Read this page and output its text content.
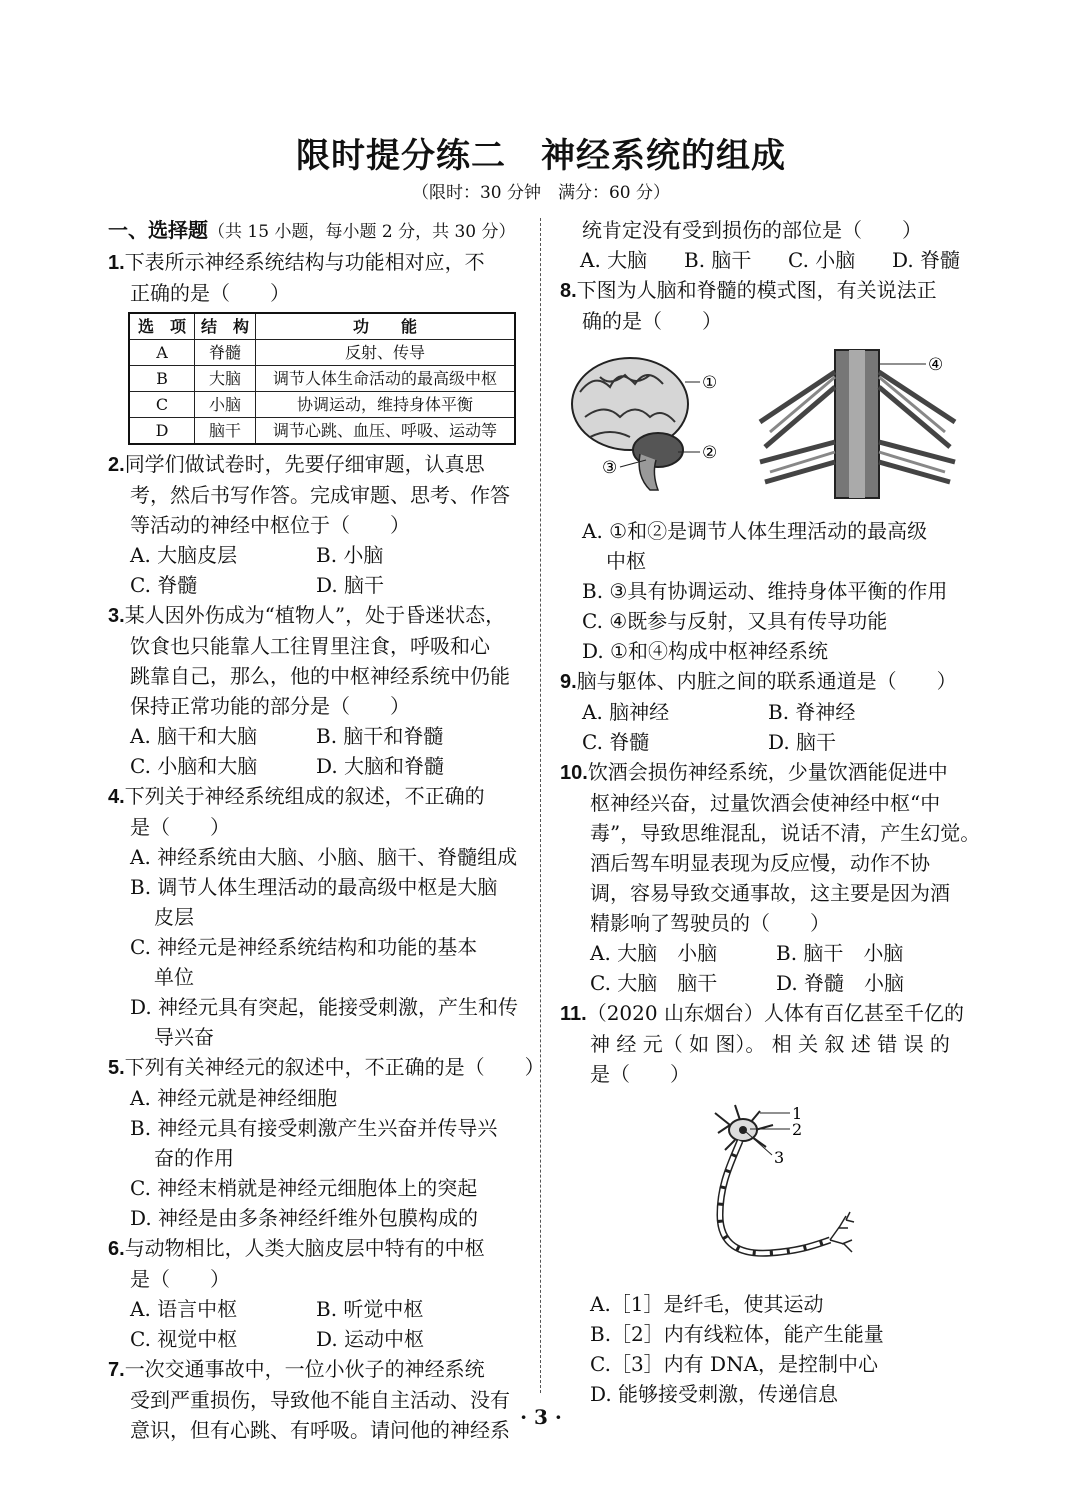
限时提分练二　神经系统的组成
（限时：30 分钟　满分：60 分）
一、选择题（共 15 小题，每小题 2 分，共 30 分）
1.下表所示神经系统结构与功能相对应，不
正确的是（　　）
选　项	结　构	功　　能
A	脊髓	反射、传导
B	大脑	调节人体生命活动的最高级中枢
C	小脑	协调运动，维持身体平衡
D	脑干	调节心跳、血压、呼吸、运动等
2.同学们做试卷时，先要仔细审题，认真思
考，然后书写作答。完成审题、思考、作答
等活动的神经中枢位于（　　）
A. 大脑皮层	B. 小脑
C. 脊髓	D. 脑干
3.某人因外伤成为“植物人”，处于昏迷状态，
饮食也只能靠人工往胃里注食，呼吸和心
跳靠自己，那么，他的中枢神经系统中仍能
保持正常功能的部分是（　　）
A. 脑干和大脑	B. 脑干和脊髓
C. 小脑和大脑	D. 大脑和脊髓
4.下列关于神经系统组成的叙述，不正确的
是（　　）
A. 神经系统由大脑、小脑、脑干、脊髓组成
B. 调节人体生理活动的最高级中枢是大脑
皮层
C. 神经元是神经系统结构和功能的基本
单位
D. 神经元具有突起，能接受刺激，产生和传
导兴奋
5.下列有关神经元的叙述中，不正确的是（　　）
A. 神经元就是神经细胞
B. 神经元具有接受刺激产生兴奋并传导兴
奋的作用
C. 神经末梢就是神经元细胞体上的突起
D. 神经是由多条神经纤维外包膜构成的
6.与动物相比，人类大脑皮层中特有的中枢
是（　　）
A. 语言中枢	B. 听觉中枢
C. 视觉中枢	D. 运动中枢
7.一次交通事故中，一位小伙子的神经系统
受到严重损伤，导致他不能自主活动、没有
意识，但有心跳、有呼吸。请问他的神经系
统肯定没有受到损伤的部位是（　　）
A. 大脑 B. 脑干 C. 小脑 D. 脊髓
8.下图为人脑和脊髓的模式图，有关说法正
确的是（　　）
①
②
③
④
A. ①和②是调节人体生理活动的最高级
中枢
B. ③具有协调运动、维持身体平衡的作用
C. ④既参与反射，又具有传导功能
D. ①和④构成中枢神经系统
9.脑与躯体、内脏之间的联系通道是（　　）
A. 脑神经	B. 脊神经
C. 脊髓	D. 脑干
10.饮酒会损伤神经系统，少量饮酒能促进中
枢神经兴奋，过量饮酒会使神经中枢“中
毒”，导致思维混乱，说话不清，产生幻觉。
酒后驾车明显表现为反应慢，动作不协
调，容易导致交通事故，这主要是因为酒
精影响了驾驶员的（　　）
A. 大脑　小脑	B. 脑干　小脑
C. 大脑　脑干	D. 脊髓　小脑
11.（2020 山东烟台）人体有百亿甚至千亿的
神 经 元（ 如 图）。 相 关 叙 述 错 误 的
是（　　）
1
2
3
A.［1］是纤毛，使其运动
B.［2］内有线粒体，能产生能量
C.［3］内有 DNA，是控制中心
D. 能够接受刺激，传递信息
· 3 ·
